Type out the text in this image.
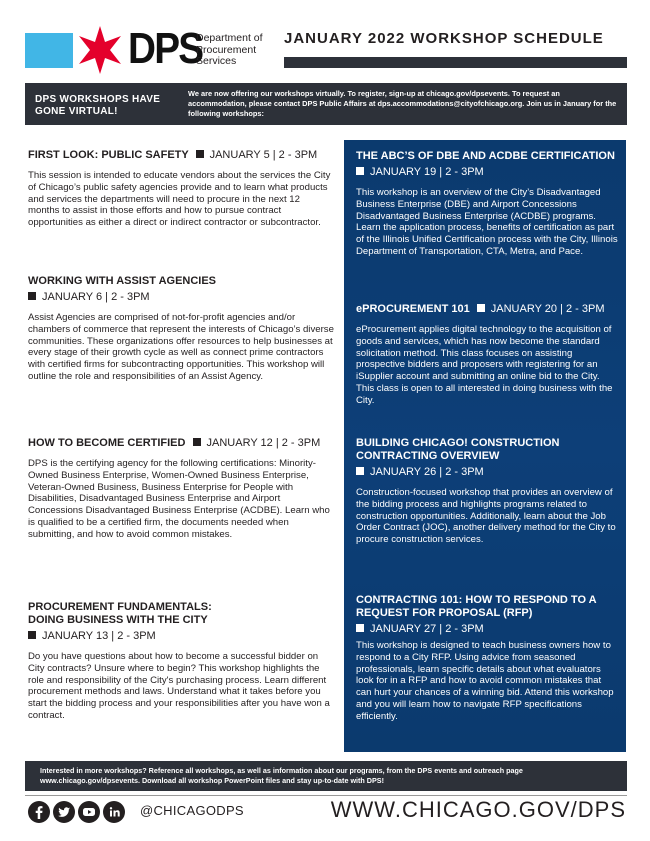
DPS
Department of
Procurement
Services
JANUARY 2022 WORKSHOP SCHEDULE
DPS WORKSHOPS HAVE GONE VIRTUAL!
We are now offering our workshops virtually. To register, sign-up at chicago.gov/dpsevents. To request an accommodation, please contact DPS Public Affairs at dps.accommodations@cityofchicago.org. Join us in January for the following workshops:
FIRST LOOK: PUBLIC SAFETY JANUARY 5 | 2 - 3PM
This session is intended to educate vendors about the services the City of Chicago’s public safety agencies provide and to learn what products and services the departments will need to procure in the next 12 months to assist in those efforts and how to pursue contract opportunities as either a direct or indirect contractor or subcontractor.
WORKING WITH ASSIST AGENCIES
JANUARY 6 | 2 - 3PM
Assist Agencies are comprised of not-for-profit agencies and/or chambers of commerce that represent the interests of Chicago’s diverse communities. These organizations offer resources to help businesses at every stage of their growth cycle as well as connect prime contractors with certified firms for subcontracting opportunities. This workshop will outline the role and responsibilities of an Assist Agency.
HOW TO BECOME CERTIFIED JANUARY 12 | 2 - 3PM
DPS is the certifying agency for the following certifications: Minority-Owned Business Enterprise, Women-Owned Business Enterprise, Veteran-Owned Business, Business Enterprise for People with Disabilities, Disadvantaged Business Enterprise and Airport Concessions Disadvantaged Business Enterprise (ACDBE). Learn who is qualified to be a certified firm, the documents needed when submitting, and how to avoid common mistakes.
PROCUREMENT FUNDAMENTALS: DOING BUSINESS WITH THE CITY
JANUARY 13 | 2 - 3PM
Do you have questions about how to become a successful bidder on City contracts? Unsure where to begin? This workshop highlights the role and responsibility of the City's purchasing process. Learn different procurement methods and laws. Understand what it takes before you start the bidding process and your responsibilities after you have won a contract.
THE ABC’S OF DBE AND ACDBE CERTIFICATION
JANUARY 19 | 2 - 3PM
This workshop is an overview of the City’s Disadvantaged Business Enterprise (DBE) and Airport Concessions Disadvantaged Business Enterprise (ACDBE) programs. Learn the application process, benefits of certification as part of the Illinois Unified Certification process with the City, Illinois Department of Transportation, CTA, Metra, and Pace.
ePROCUREMENT 101 JANUARY 20 | 2 - 3PM
eProcurement applies digital technology to the acquisition of goods and services, which has now become the standard solicitation method. This class focuses on assisting prospective bidders and proposers with registering for an iSupplier account and submitting an online bid to the City. This class is open to all interested in doing business with the City.
BUILDING CHICAGO! CONSTRUCTION CONTRACTING OVERVIEW
JANUARY 26 | 2 - 3PM
Construction-focused workshop that provides an overview of the bidding process and highlights programs related to construction opportunities. Additionally, learn about the Job Order Contract (JOC), another delivery method for the City to procure construction services.
CONTRACTING 101: HOW TO RESPOND TO A REQUEST FOR PROPOSAL (RFP)
JANUARY 27 | 2 - 3PM
This workshop is designed to teach business owners how to respond to a City RFP. Using advice from seasoned professionals, learn specific details about what evaluators look for in a RFP and how to avoid common mistakes that can hurt your chances of a winning bid. Attend this workshop and you will learn how to navigate RFP specifications efficiently.
Interested in more workshops? Reference all workshops, as well as information about our programs, from the DPS events and outreach page www.chicago.gov/dpsevents. Download all workshop PowerPoint files and stay up-to-date with DPS!
@CHICAGODPS	WWW.CHICAGO.GOV/DPS
